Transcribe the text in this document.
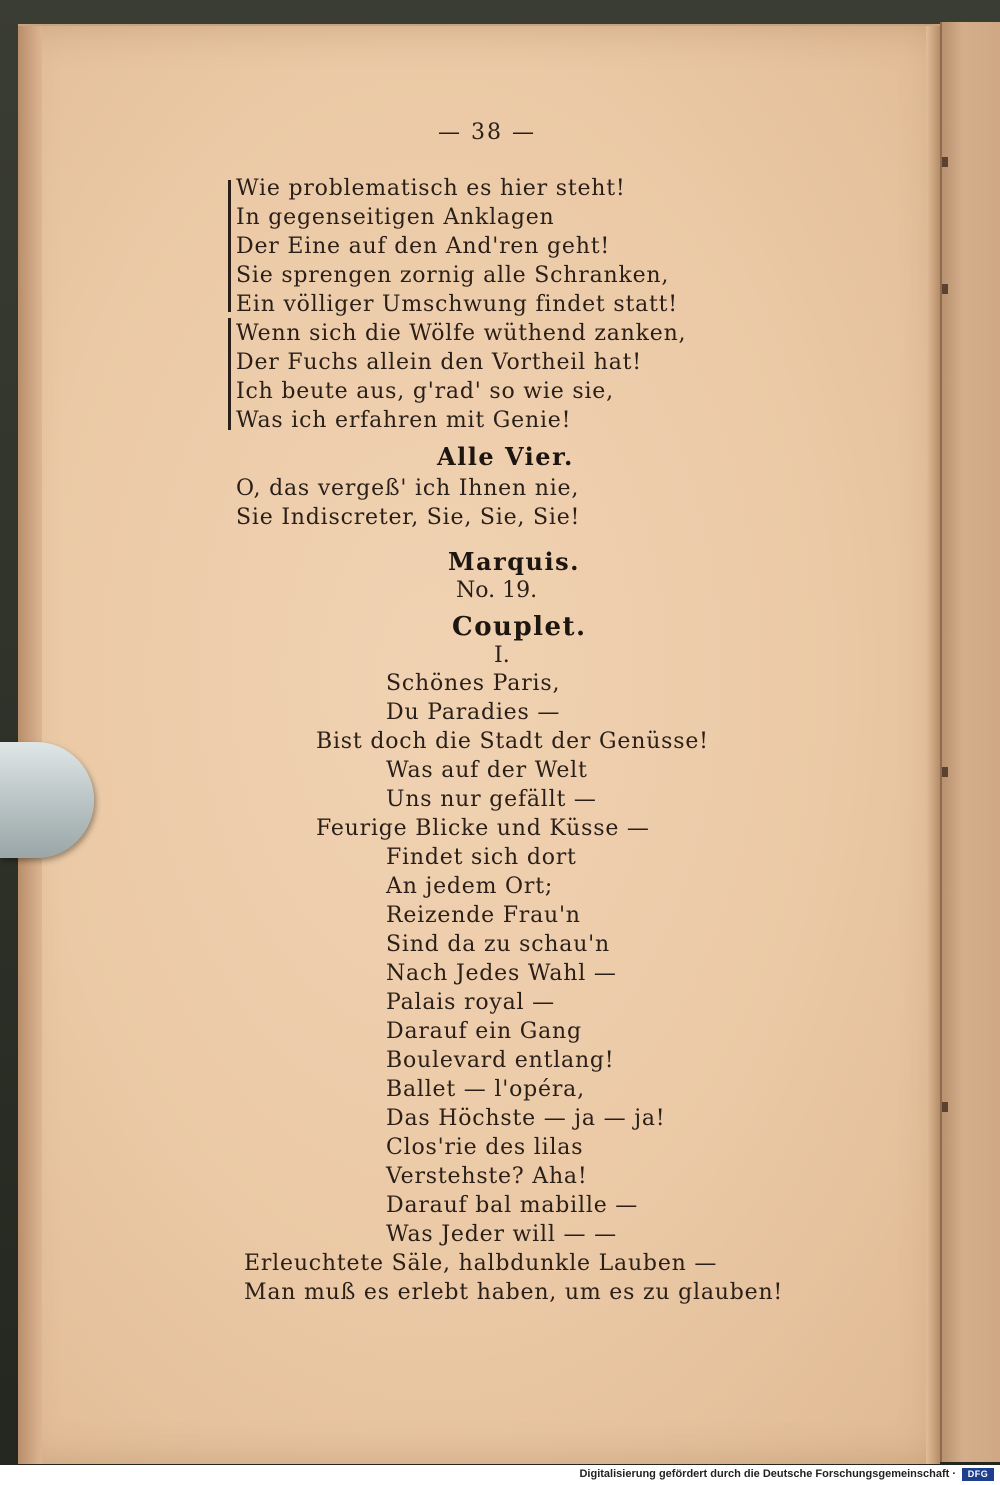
— 38 —
Wie problematisch es hier steht!
In gegenseitigen Anklagen
Der Eine auf den And'ren geht!
Sie sprengen zornig alle Schranken,
Ein völliger Umschwung findet statt!
Wenn sich die Wölfe wüthend zanken,
Der Fuchs allein den Vortheil hat!
Ich beute aus, g'rad' so wie sie,
Was ich erfahren mit Genie!
Alle Vier.
O, das vergeß' ich Ihnen nie,
Sie Indiscreter, Sie, Sie, Sie!
Marquis.
No. 19.
Couplet.
I.
Schönes Paris,
Du Paradies —
Bist doch die Stadt der Genüsse!
Was auf der Welt
Uns nur gefällt —
Feurige Blicke und Küsse —
Findet sich dort
An jedem Ort;
Reizende Frau'n
Sind da zu schau'n
Nach Jedes Wahl —
Palais royal —
Darauf ein Gang
Boulevard entlang!
Ballet — l'opéra,
Das Höchste — ja — ja!
Clos'rie des lilas
Verstehste? Aha!
Darauf bal mabille —
Was Jeder will — —
Erleuchtete Säle, halbdunkle Lauben —
Man muß es erlebt haben, um es zu glauben!
Digitalisierung gefördert durch die Deutsche Forschungsgemeinschaft ·	DFG
